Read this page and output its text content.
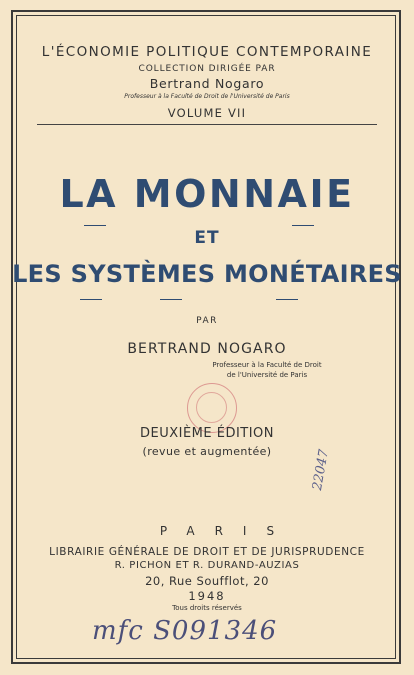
L'ÉCONOMIE POLITIQUE CONTEMPORAINE
COLLECTION DIRIGÉE PAR
Bertrand Nogaro
Professeur à la Faculté de Droit de l'Université de Paris
VOLUME VII
LA MONNAIE
ET
LES SYSTÈMES MONÉTAIRES
PAR
BERTRAND NOGARO
Professeur à la Faculté de Droit
de l'Université de Paris
DEUXIÈME ÉDITION
(revue et augmentée)	22047
PARIS
LIBRAIRIE GÉNÉRALE DE DROIT ET DE JURISPRUDENCE
R. PICHON ET R. DURAND-AUZIAS
20, Rue Soufflot, 20
1948
Tous droits réservés
mfc S091346
